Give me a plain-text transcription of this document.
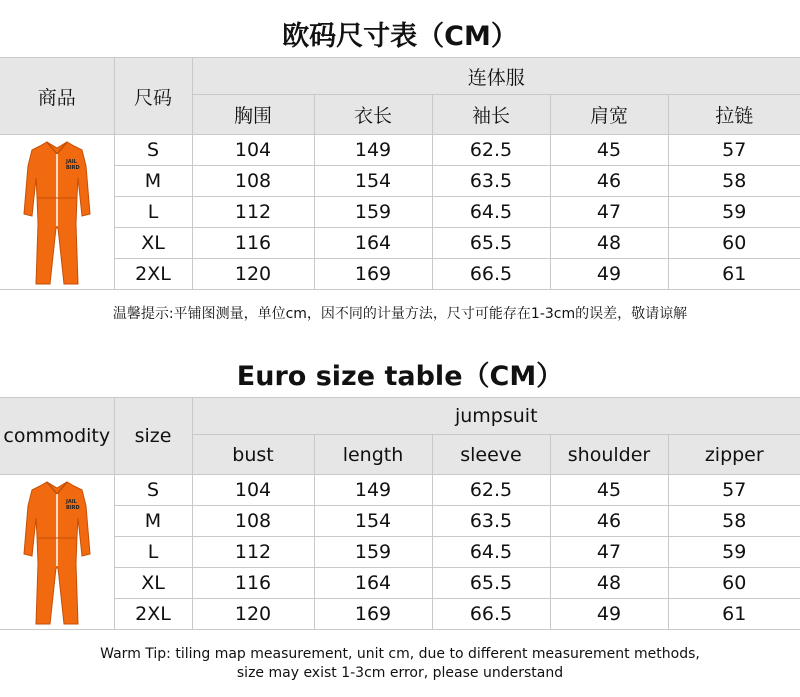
欧码尺寸表（CM）
商品	尺码	连体服				
		胸围	衣长	袖长	肩宽	拉链

JAIL
BIRD	S	104	149	62.5	45	57
	M	108	154	63.5	46	58
	L	112	159	64.5	47	59
	XL	116	164	65.5	48	60
	2XL	120	169	66.5	49	61
温馨提示:平铺图测量，单位cm，因不同的计量方法，尺寸可能存在1-3cm的误差，敬请谅解
Euro size table（CM）
commodity	size	jumpsuit				
		bust	length	sleeve	shoulder	zipper

JAIL
BIRD	S	104	149	62.5	45	57
	M	108	154	63.5	46	58
	L	112	159	64.5	47	59
	XL	116	164	65.5	48	60
	2XL	120	169	66.5	49	61
Warm Tip: tiling map measurement, unit cm, due to different measurement methods,
size may exist 1-3cm error, please understand
